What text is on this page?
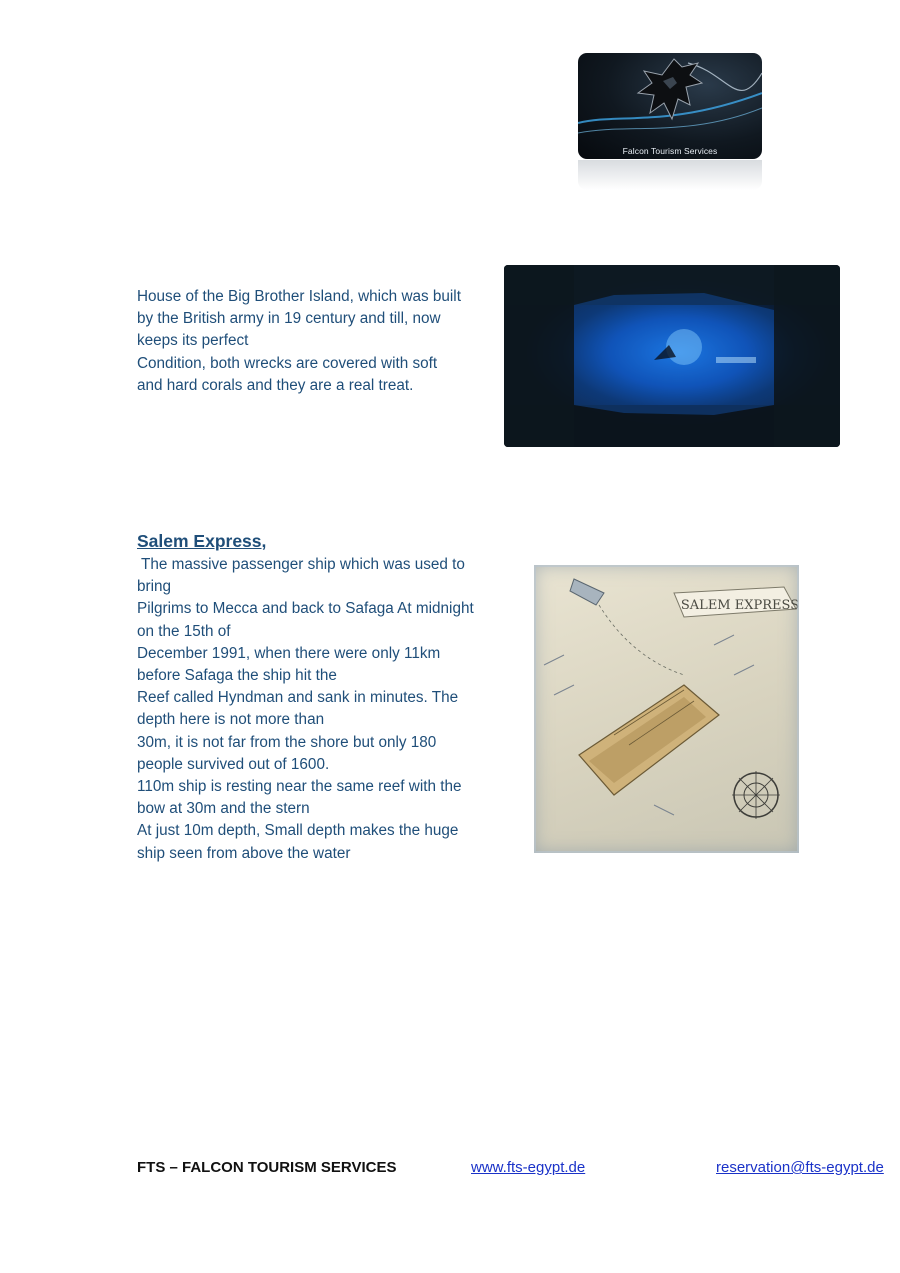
Falcon Tourism Services

House of the Big Brother Island, which was built

by the British army in 19 century and till, now

keeps its perfect

Condition, both wrecks are covered with soft

and hard corals and they are a real treat.

Salem Express,

The massive passenger ship which was used to

bring

Pilgrims to Mecca and back to Safaga At midnight

on the 15th of

December 1991, when there were only 11km

before Safaga the ship hit the

Reef called Hyndman and sank in minutes. The

depth here is not more than

30m, it is not far from the shore but only 180

people survived out of 1600.

110m ship is resting near the same reef with the

bow at 30m and the stern

At just 10m depth, Small depth makes the huge

ship seen from above the water

SALEM EXPRESS
FTS – FALCON TOURISM SERVICES	www.fts-egypt.de	reservation@fts-egypt.de
